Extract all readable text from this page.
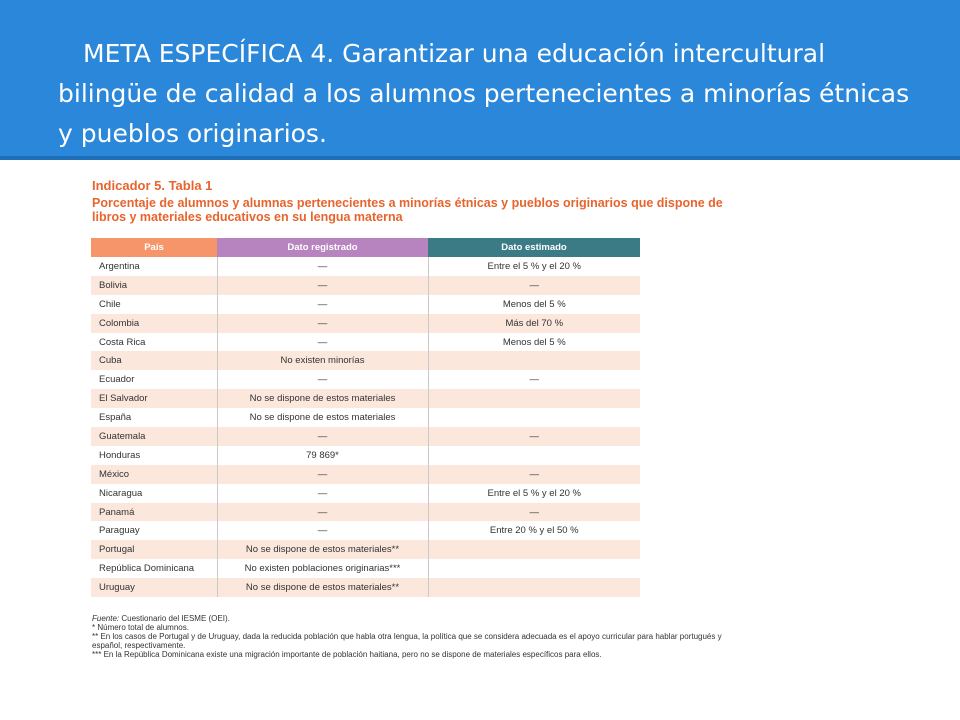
META ESPECÍFICA 4. Garantizar una educación intercultural bilingüe de calidad a los alumnos pertenecientes a minorías étnicas y pueblos originarios.

Indicador 5. Tabla 1

Porcentaje de alumnos y alumnas pertenecientes a minorías étnicas y pueblos originarios que dispone de libros y materiales educativos en su lengua materna

País	Dato registrado	Dato estimado
Argentina	—	Entre el 5 % y el 20 %
Bolivia	—	—
Chile	—	Menos del 5 %
Colombia	—	Más del 70 %
Costa Rica	—	Menos del 5 %
Cuba	No existen minorías	
Ecuador	—	—
El Salvador	No se dispone de estos materiales	
España	No se dispone de estos materiales	
Guatemala	—	—
Honduras	79 869*	
México	—	—
Nicaragua	—	Entre el 5 % y el 20 %
Panamá	—	—
Paraguay	—	Entre 20 % y el 50 %
Portugal	No se dispone de estos materiales**	
República Dominicana	No existen poblaciones originarias***	
Uruguay	No se dispone de estos materiales**	

Fuente: Cuestionario del IESME (OEI).

* Número total de alumnos.

** En los casos de Portugal y de Uruguay, dada la reducida población que habla otra lengua, la política que se considera adecuada es el apoyo curricular para hablar portugués y español, respectivamente.

*** En la República Dominicana existe una migración importante de población haitiana, pero no se dispone de materiales específicos para ellos.
